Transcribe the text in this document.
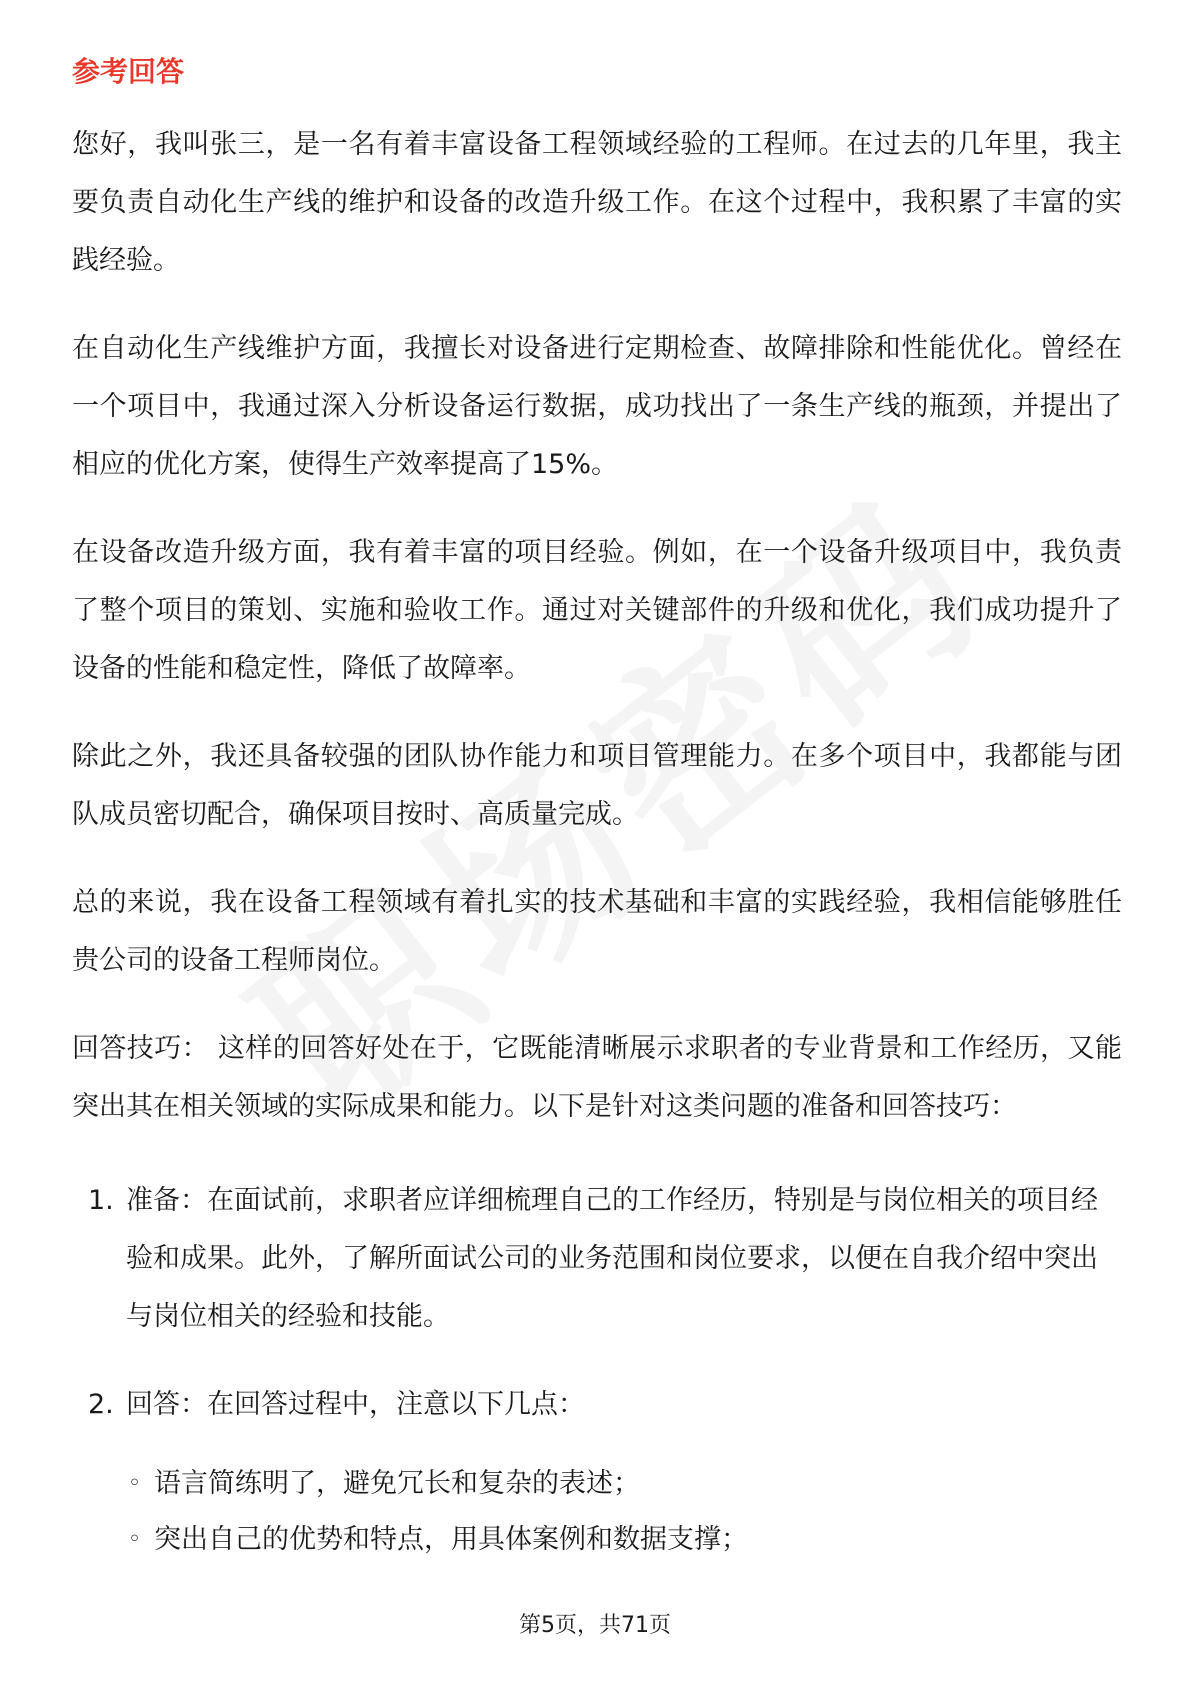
参考回答

您好，我叫张三，是一名有着丰富设备工程领域经验的工程师。在过去的几年里，我主要负责自动化生产线的维护和设备的改造升级工作。在这个过程中，我积累了丰富的实践经验。

在自动化生产线维护方面，我擅长对设备进行定期检查、故障排除和性能优化。曾经在一个项目中，我通过深入分析设备运行数据，成功找出了一条生产线的瓶颈，并提出了相应的优化方案，使得生产效率提高了15%。

在设备改造升级方面，我有着丰富的项目经验。例如，在一个设备升级项目中，我负责了整个项目的策划、实施和验收工作。通过对关键部件的升级和优化，我们成功提升了设备的性能和稳定性，降低了故障率。

除此之外，我还具备较强的团队协作能力和项目管理能力。在多个项目中，我都能与团队成员密切配合，确保项目按时、高质量完成。

总的来说，我在设备工程领域有着扎实的技术基础和丰富的实践经验，我相信能够胜任贵公司的设备工程师岗位。

回答技巧： 这样的回答好处在于，它既能清晰展示求职者的专业背景和工作经历，又能突出其在相关领域的实际成果和能力。以下是针对这类问题的准备和回答技巧：

1. 准备：在面试前，求职者应详细梳理自己的工作经历，特别是与岗位相关的项目经验和成果。此外，了解所面试公司的业务范围和岗位要求，以便在自我介绍中突出与岗位相关的经验和技能。
2. 回答：在回答过程中，注意以下几点：
◦ 语言简练明了，避免冗长和复杂的表述；
◦ 突出自己的优势和特点，用具体案例和数据支撑；
第5页，共71页
